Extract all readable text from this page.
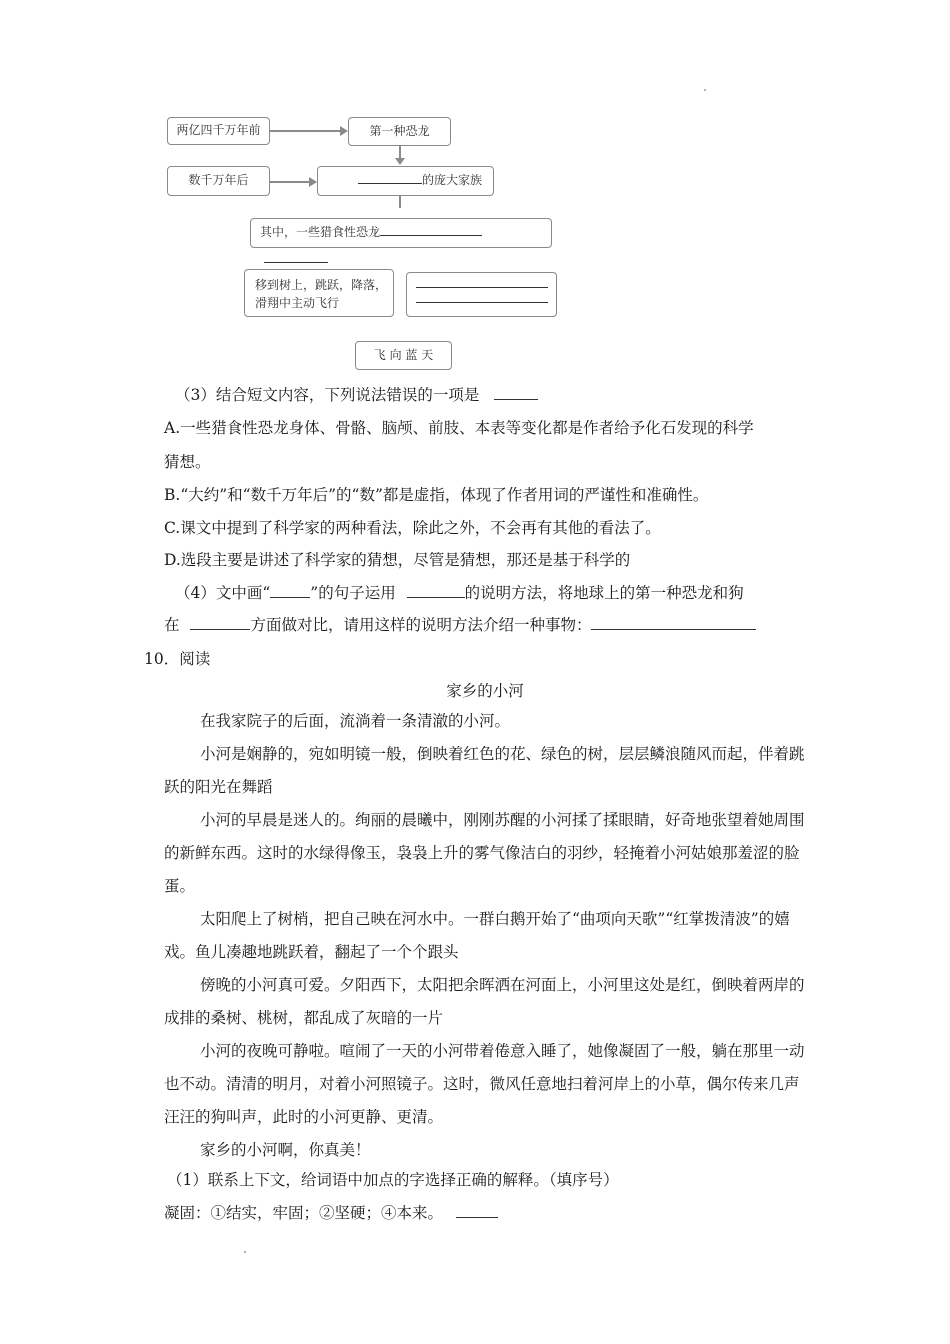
两亿四千万年前	第一种恐龙
数千万年后	的庞大家族
其中，一些猎食性恐龙
移到树上，跳跃，降落，
滑翔中主动飞行
飞 向 蓝 天
（3）结合短文内容，下列说法错误的一项是
A.一些猎食性恐龙身体、骨骼、脑颅、前肢、本表等变化都是作者给予化石发现的科学
猜想。
B.“大约”和“数千万年后”的“数”都是虚指，体现了作者用词的严谨性和准确性。
C.课文中提到了科学家的两种看法，除此之外，不会再有其他的看法了。
D.选段主要是讲述了科学家的猜想，尽管是猜想，那还是基于科学的
（4）文中画“	”的句子运用	的说明方法，将地球上的第一种恐龙和狗
在	方面做对比，请用这样的说明方法介绍一种事物：
10．阅读
家乡的小河
在我家院子的后面，流淌着一条清澈的小河。
小河是娴静的，宛如明镜一般，倒映着红色的花、绿色的树，层层鳞浪随风而起，伴着跳跃的阳光在舞蹈
小河的早晨是迷人的。绚丽的晨曦中，刚刚苏醒的小河揉了揉眼睛，好奇地张望着她周围的新鲜东西。这时的水绿得像玉，袅袅上升的雾气像洁白的羽纱，轻掩着小河姑娘那羞涩的脸蛋。
太阳爬上了树梢，把自己映在河水中。一群白鹅开始了“曲项向天歌”“红掌拨清波”的嬉戏。鱼儿凑趣地跳跃着，翻起了一个个跟头
傍晚的小河真可爱。夕阳西下，太阳把余晖洒在河面上，小河里这处是红，倒映着两岸的成排的桑树、桃树，都乱成了灰暗的一片
小河的夜晚可静啦。喧闹了一天的小河带着倦意入睡了，她像凝固了一般，躺在那里一动也不动。清清的明月，对着小河照镜子。这时，微风任意地扫着河岸上的小草，偶尔传来几声汪汪的狗叫声，此时的小河更静、更清。
家乡的小河啊，你真美！
（1）联系上下文，给词语中加点的字选择正确的解释。（填序号）
凝固：①结实，牢固；②坚硬；④本来。
